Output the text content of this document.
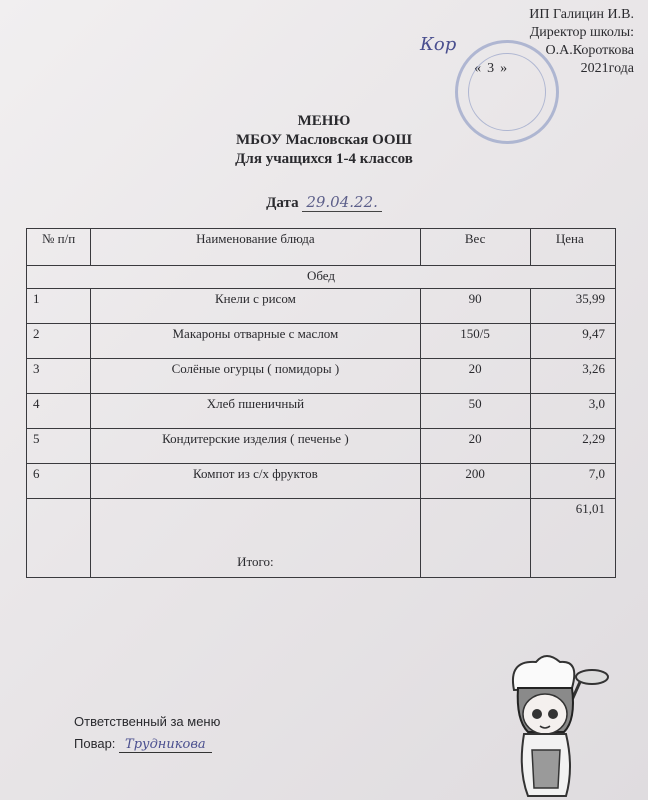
ИП Галицин И.В.
Директор школы:
О.А.Короткова
« 3 »	2021года
Кор
МЕНЮ
МБОУ Масловская ООШ
Для учащихся 1-4 классов
Дата 29.04.22.
№ п/п	Наименование блюда	Вес	Цена
Обед			
1	Кнели с рисом	90	35,99
2	Макароны отварные с маслом	150/5	9,47
3	Солёные огурцы ( помидоры )	20	3,26
4	Хлеб пшеничный	50	3,0
5	Кондитерские изделия ( печенье )	20	2,29
6	Компот из с/х фруктов	200	7,0
	Итого:		61,01
Ответственный за меню
Повар: Трудникова
